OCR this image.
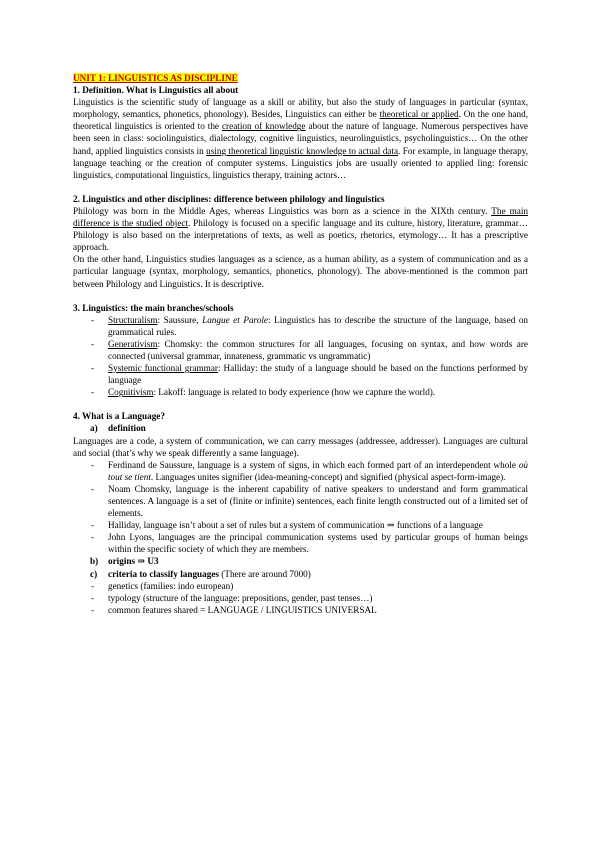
UNIT 1: LINGUISTICS AS DISCIPLINE

1. Definition. What is Linguistics all about

Linguistics is the scientific study of language as a skill or ability, but also the study of languages in particular (syntax, morphology, semantics, phonetics, phonology). Besides, Linguistics can either be theoretical or applied. On the one hand, theoretical linguistics is oriented to the creation of knowledge about the nature of language. Numerous perspectives have been seen in class: sociolinguistics, dialectology, cognitive linguistics, neurolinguistics, psycholinguistics… On the other hand, applied linguistics consists in using theoretical linguistic knowledge to actual data. For example, in language therapy, language teaching or the creation of computer systems. Linguistics jobs are usually oriented to applied ling: forensic linguistics, computational linguistics, linguistics therapy, training actors…

2. Linguistics and other disciplines: difference between philology and linguistics

Philology was born in the Middle Ages, whereas Linguistics was born as a science in the XIXth century. The main difference is the studied object. Philology is focused on a specific language and its culture, history, literature, grammar… Philology is also based on the interpretations of texts, as well as poetics, rhetorics, etymology… It has a prescriptive approach.

On the other hand, Linguistics studies languages as a science, as a human ability, as a system of communication and as a particular language (syntax, morphology, semantics, phonetics, phonology). The above-mentioned is the common part between Philology and Linguistics. It is descriptive.

3. Linguistics: the main branches/schools

- Structuralism: Saussure, Langue et Parole: Linguistics has to describe the structure of the language, based on grammatical rules.
- Generativism: Chomsky: the common structures for all languages, focusing on syntax, and how words are connected (universal grammar, innateness, grammatic vs ungrammatic)
- Systemic functional grammar: Halliday: the study of a language should be based on the functions performed by language
- Cognitivism: Lakoff: language is related to body experience (how we capture the world).

4. What is a Language?

a) definition

Languages are a code, a system of communication, we can carry messages (addressee, addresser). Languages are cultural and social (that’s why we speak differently a same language).

- Ferdinand de Saussure, language is a system of signs, in which each formed part of an interdependent whole où tout se tient. Languages unites signifier (idea-meaning-concept) and signified (physical aspect-form-image).
- Noam Chomsky, language is the inherent capability of native speakers to understand and form grammatical sentences. A language is a set of (finite or infinite) sentences, each finite length constructed out of a limited set of elements.
- Halliday, language isn’t about a set of rules but a system of communication ⇒ functions of a language
- John Lyons, languages are the principal communication systems used by particular groups of human beings within the specific society of which they are members.
b) origins ⇒ U3
c) criteria to classify languages (There are around 7000)
- genetics (families: indo european)
- typology (structure of the language: prepositions, gender, past tenses…)
- common features shared = LANGUAGE / LINGUISTICS UNIVERSAL
